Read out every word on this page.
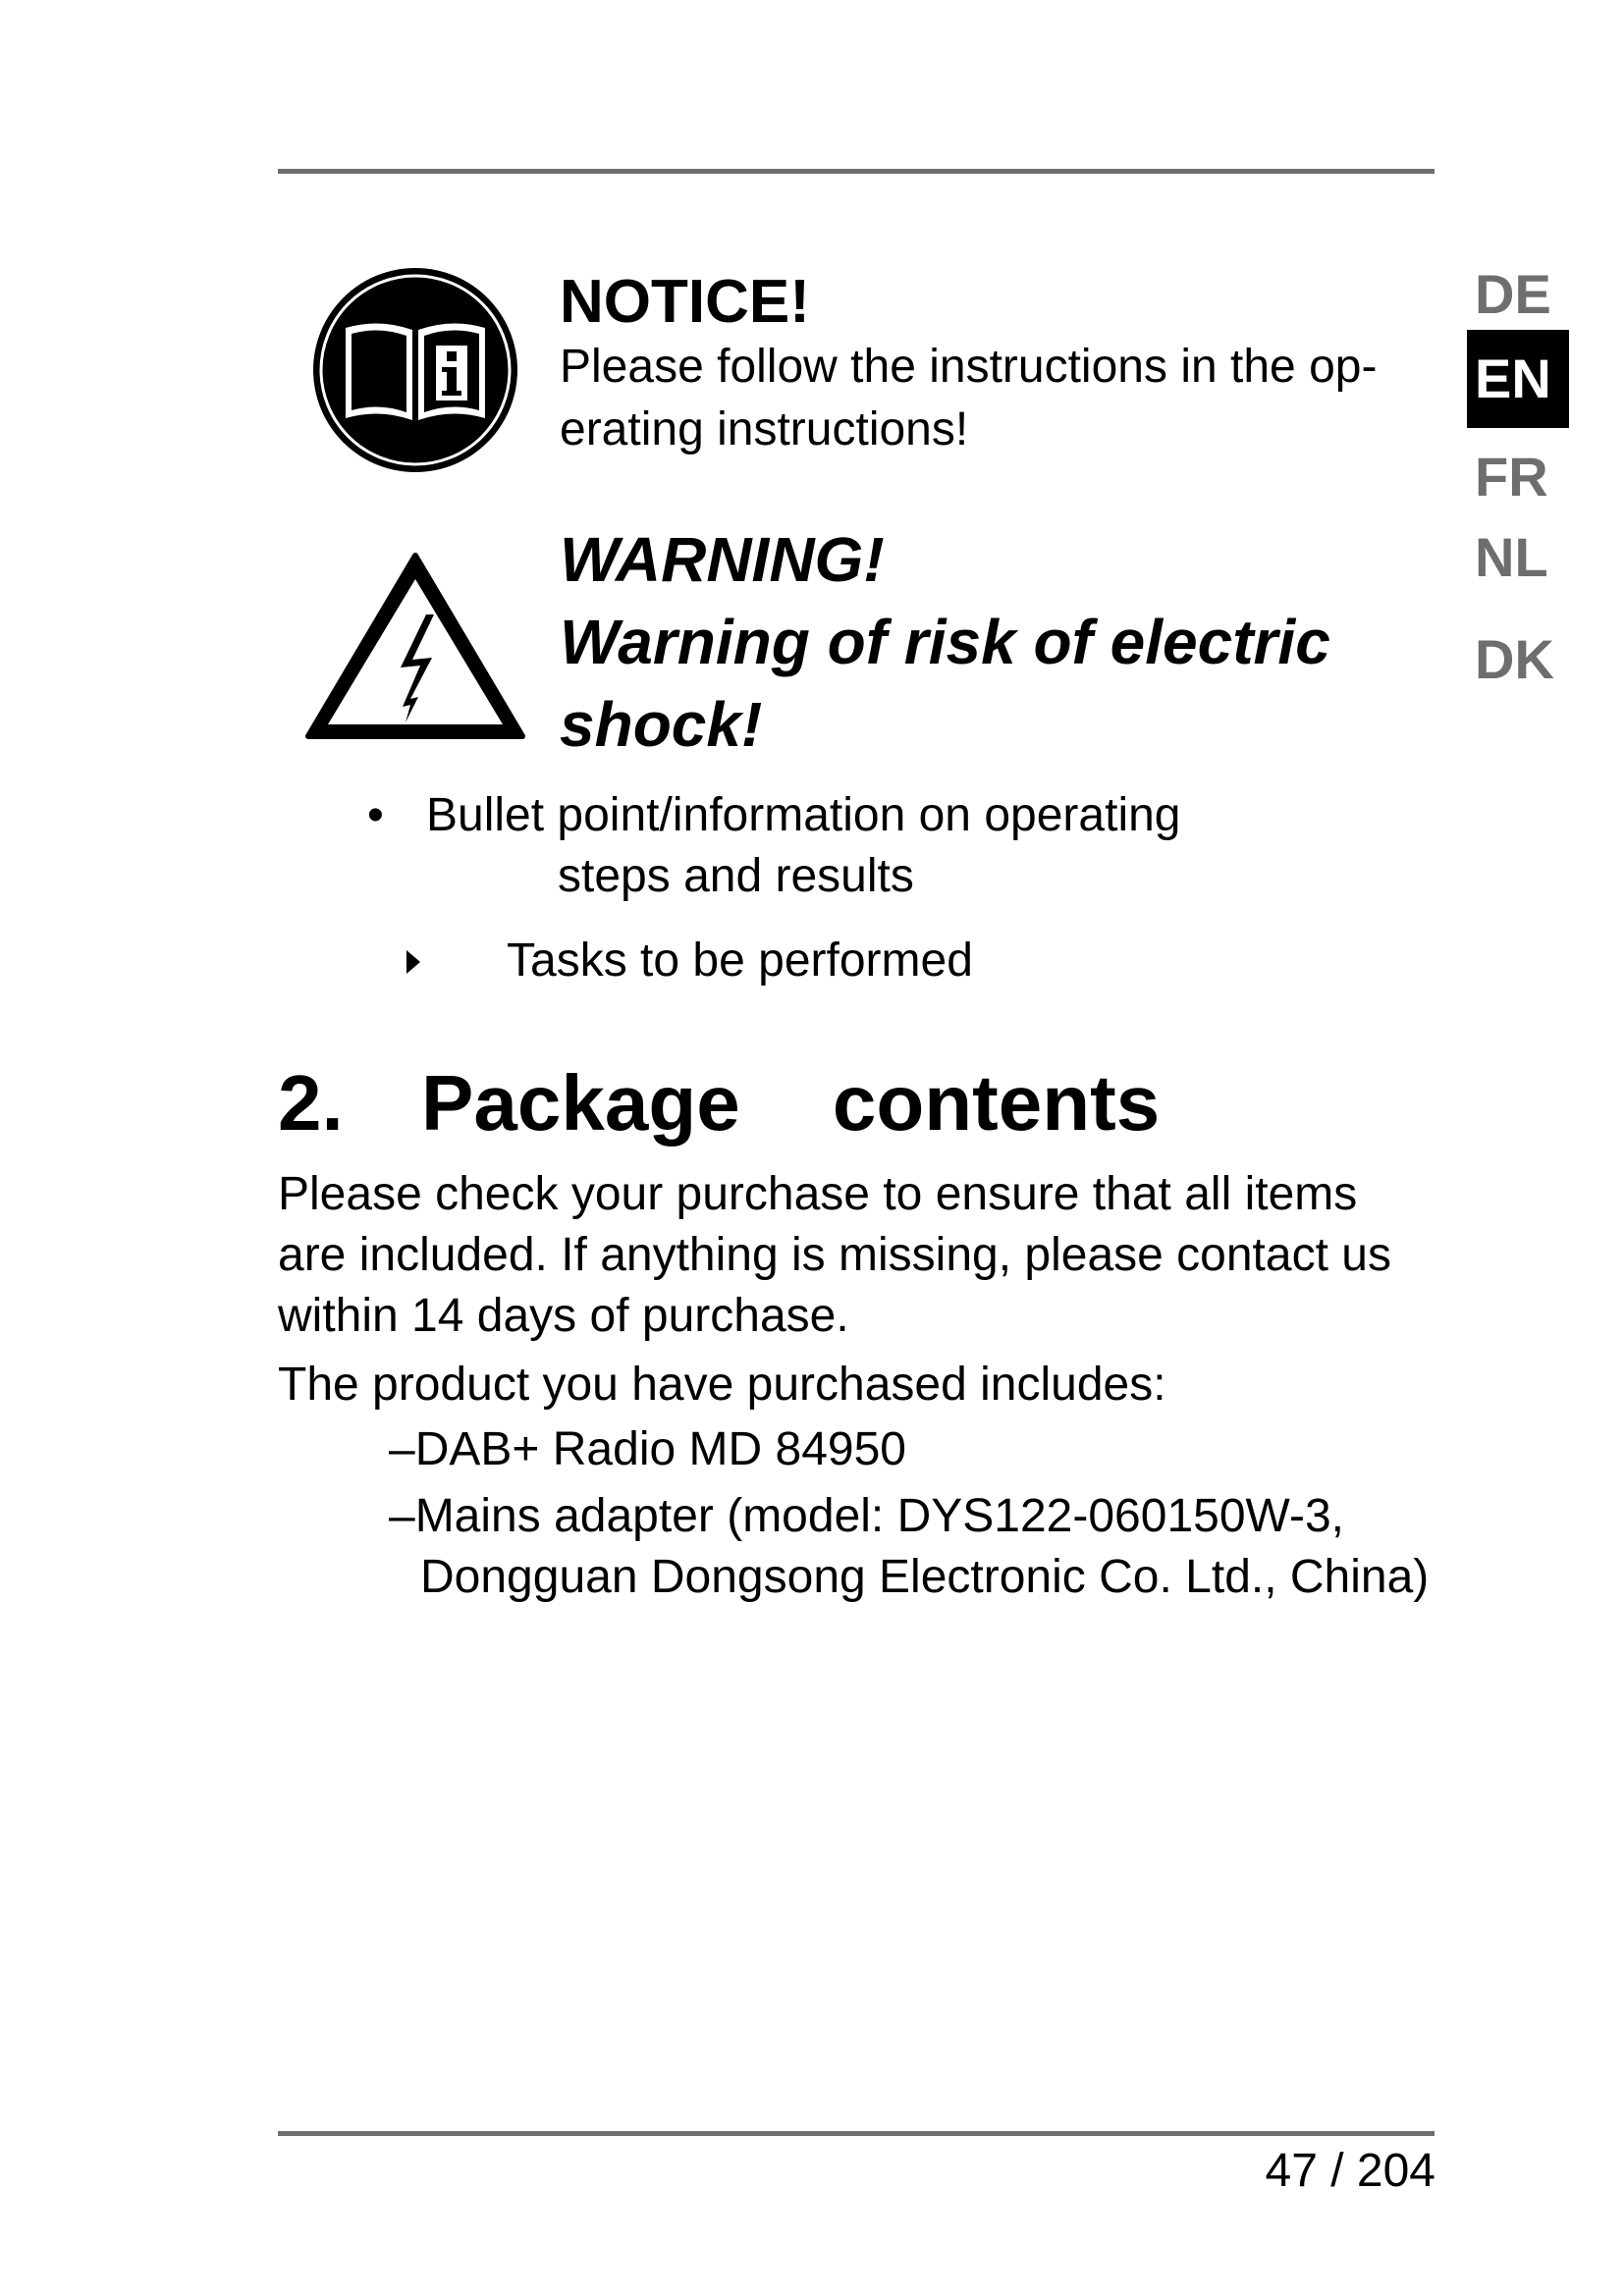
DE
EN
FR
NL
DK
NOTICE!
Please follow the instructions in the op-
erating instructions!
WARNING!
Warning of risk of electric
shock!
• Bullet point/information on operating
steps and results
Tasks to be performed
2. Package contents
Please check your purchase to ensure that all items
are included. If anything is missing, please contact us
within 14 days of purchase.
The product you have purchased includes:
–DAB+ Radio MD 84950
–Mains adapter (model: DYS122-060150W-3,
Dongguan Dongsong Electronic Co. Ltd., China)
47 / 204
